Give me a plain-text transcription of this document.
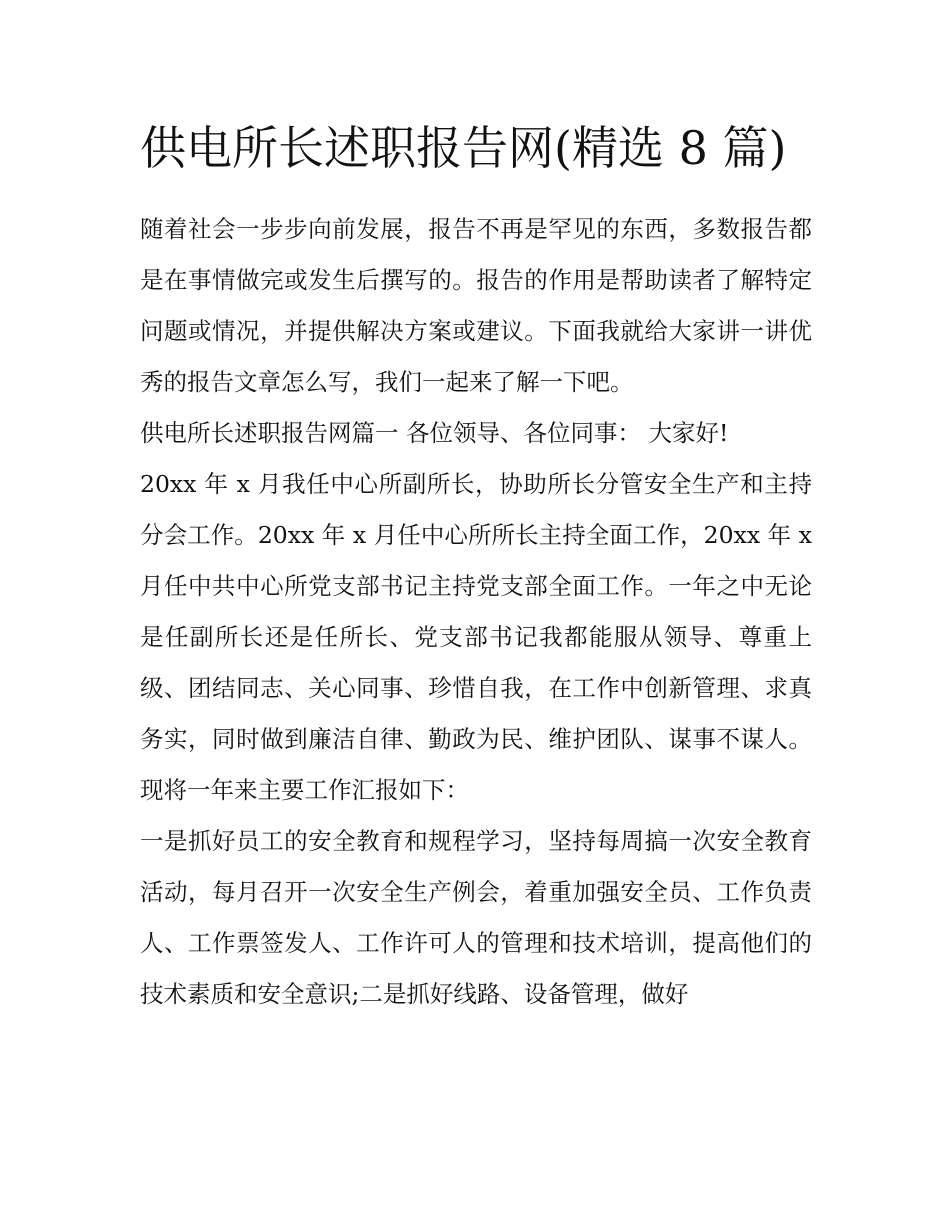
供电所长述职报告网(精选 8 篇)

随着社会一步步向前发展，报告不再是罕见的东西，多数报告都是在事情做完或发生后撰写的。报告的作用是帮助读者了解特定问题或情况，并提供解决方案或建议。下面我就给大家讲一讲优秀的报告文章怎么写，我们一起来了解一下吧。

供电所长述职报告网篇一 各位领导、各位同事： 大家好!

20xx 年 x 月我任中心所副所长，协助所长分管安全生产和主持分会工作。20xx 年 x 月任中心所所长主持全面工作，20xx 年 x 月任中共中心所党支部书记主持党支部全面工作。一年之中无论是任副所长还是任所长、党支部书记我都能服从领导、尊重上级、团结同志、关心同事、珍惜自我，在工作中创新管理、求真务实，同时做到廉洁自律、勤政为民、维护团队、谋事不谋人。现将一年来主要工作汇报如下：

一是抓好员工的安全教育和规程学习，坚持每周搞一次安全教育活动，每月召开一次安全生产例会，着重加强安全员、工作负责人、工作票签发人、工作许可人的管理和技术培训，提高他们的技术素质和安全意识;二是抓好线路、设备管理，做好
